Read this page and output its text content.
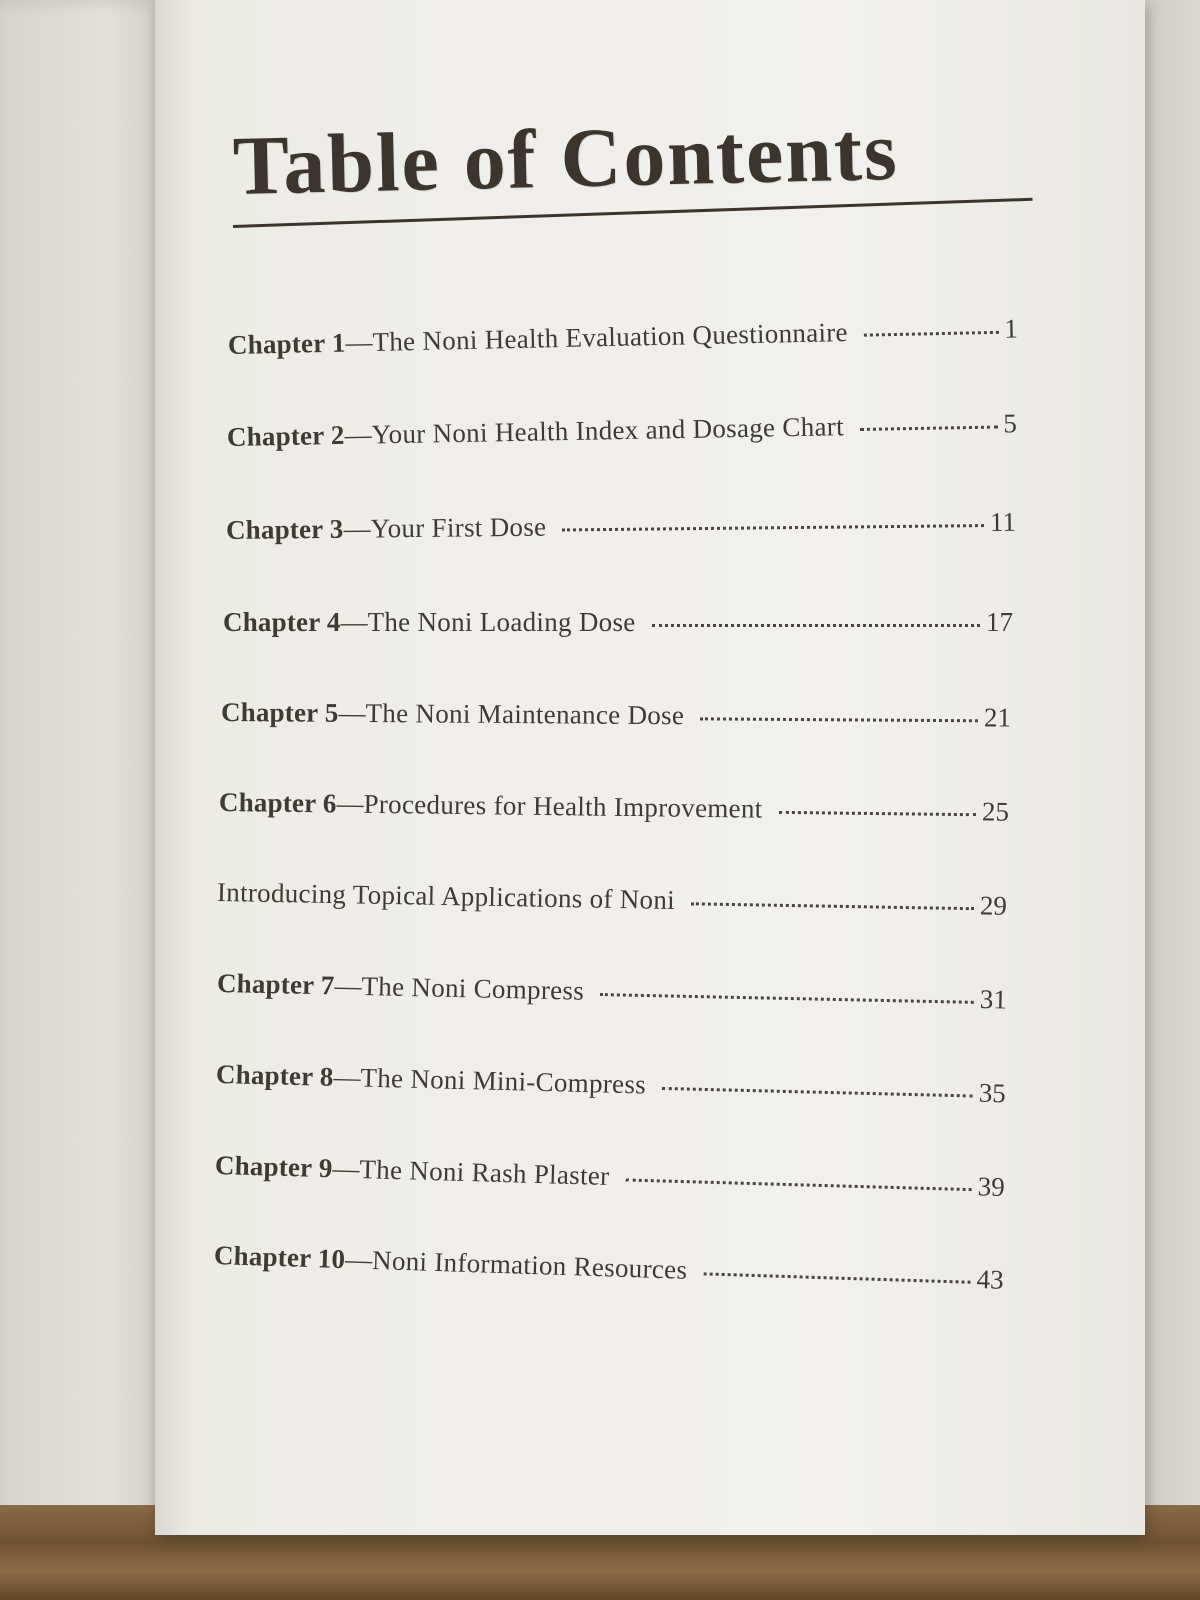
Table of Contents
Chapter 1 — The Noni Health Evaluation Questionnaire	1
Chapter 2 — Your Noni Health Index and Dosage Chart	5
Chapter 3 — Your First Dose	11
Chapter 4 — The Noni Loading Dose	17
Chapter 5 — The Noni Maintenance Dose	21
Chapter 6 — Procedures for Health Improvement	25
Introducing Topical Applications of Noni	29
Chapter 7 — The Noni Compress	31
Chapter 8 — The Noni Mini-Compress	35
Chapter 9 — The Noni Rash Plaster	39
Chapter 10 — Noni Information Resources	43
